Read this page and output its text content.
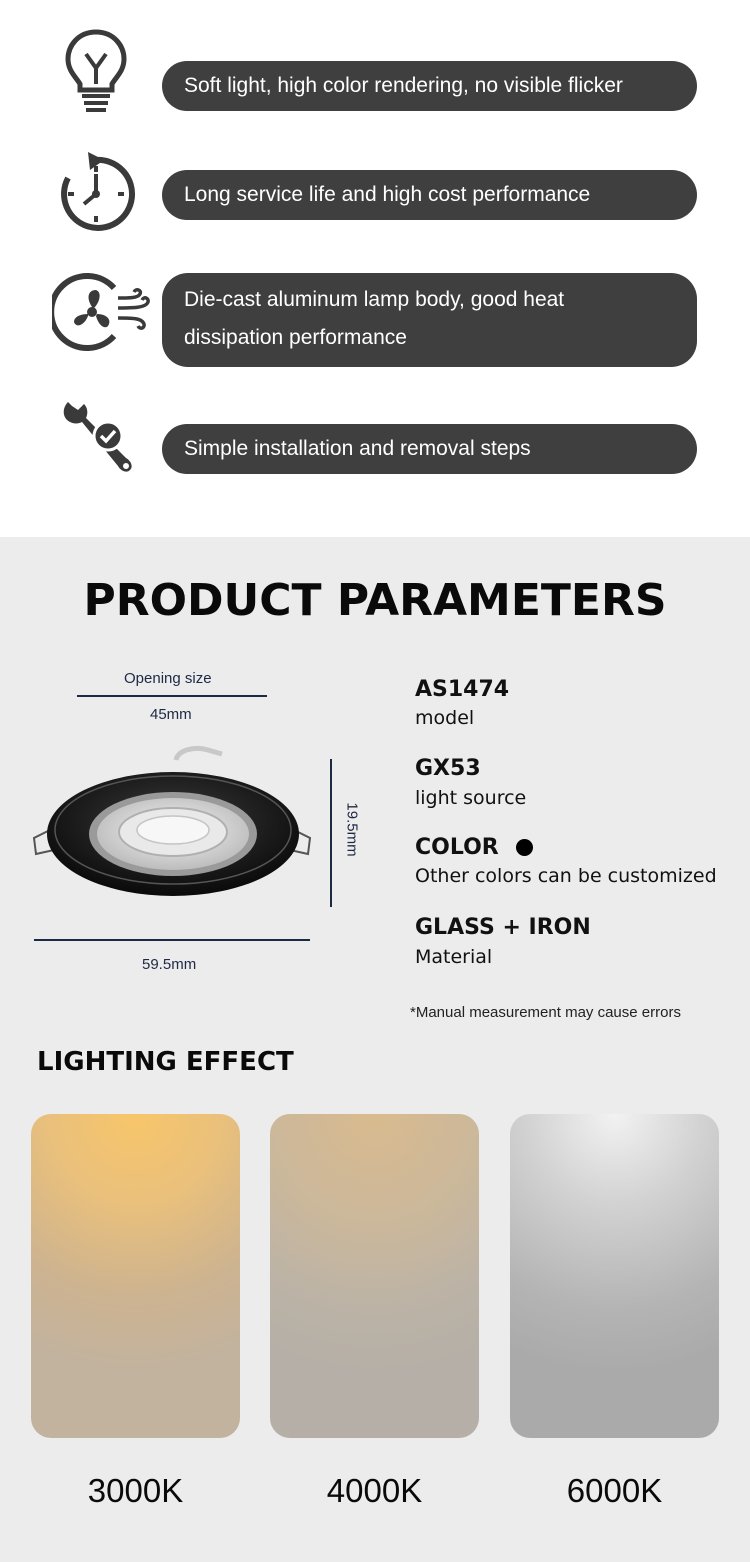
Soft light, high color rendering, no visible flicker
Long service life and high cost performance
Die-cast aluminum lamp body, good heat dissipation performance
Simple installation and removal steps
PRODUCT PARAMETERS
Opening size
45mm
19.5mm
59.5mm
AS1474
model
GX53
light source
COLOR
Other colors can be customized
GLASS + IRON
Material
*Manual measurement may cause errors
LIGHTING EFFECT
3000K	4000K	6000K
